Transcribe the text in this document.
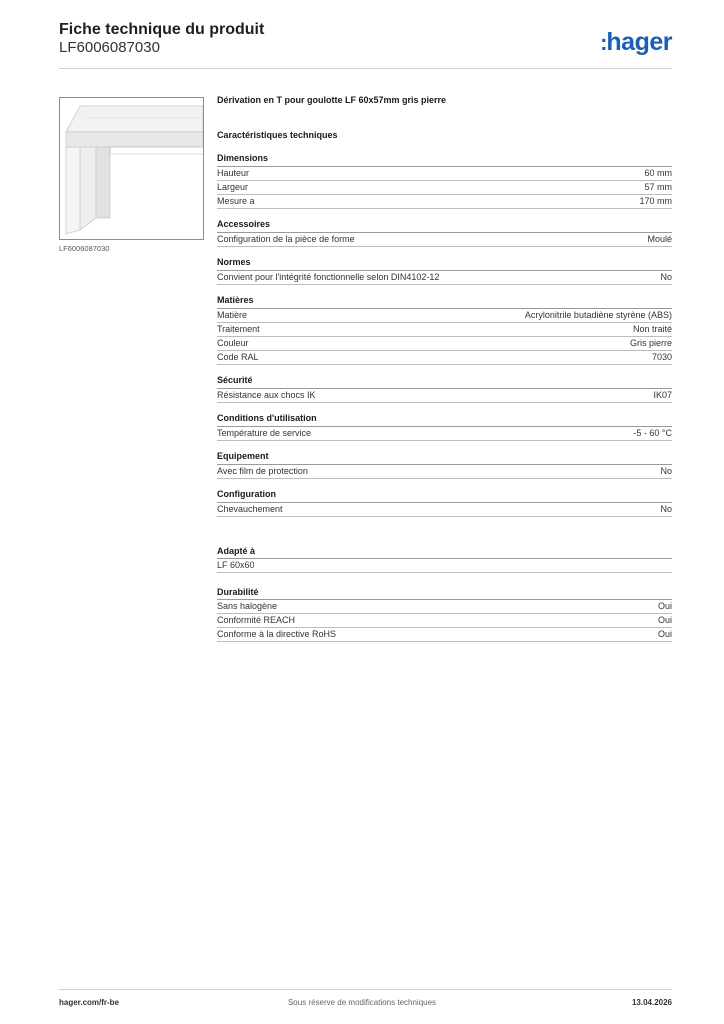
Fiche technique du produit
LF6006087030	:hager
LF6006087030
Dérivation en T pour goulotte LF 60x57mm gris pierre
Caractéristiques techniques
Dimensions
Hauteur	60 mm
Largeur	57 mm
Mesure a	170 mm
Accessoires
Configuration de la pièce de forme	Moulé
Normes
Convient pour l'intégrité fonctionnelle selon DIN4102-12	No
Matières
Matière	Acrylonitrile butadiène styrène (ABS)
Traitement	Non traité
Couleur	Gris pierre
Code RAL	7030
Sécurité
Résistance aux chocs IK	IK07
Conditions d'utilisation
Température de service	-5 - 60 °C
Equipement
Avec film de protection	No
Configuration
Chevauchement	No
Adapté à
LF 60x60
Durabilité
Sans halogène	Oui
Conformité REACH	Oui
Conforme à la directive RoHS	Oui
hager.com/fr-be	Sous réserve de modifications techniques	13.04.2026
